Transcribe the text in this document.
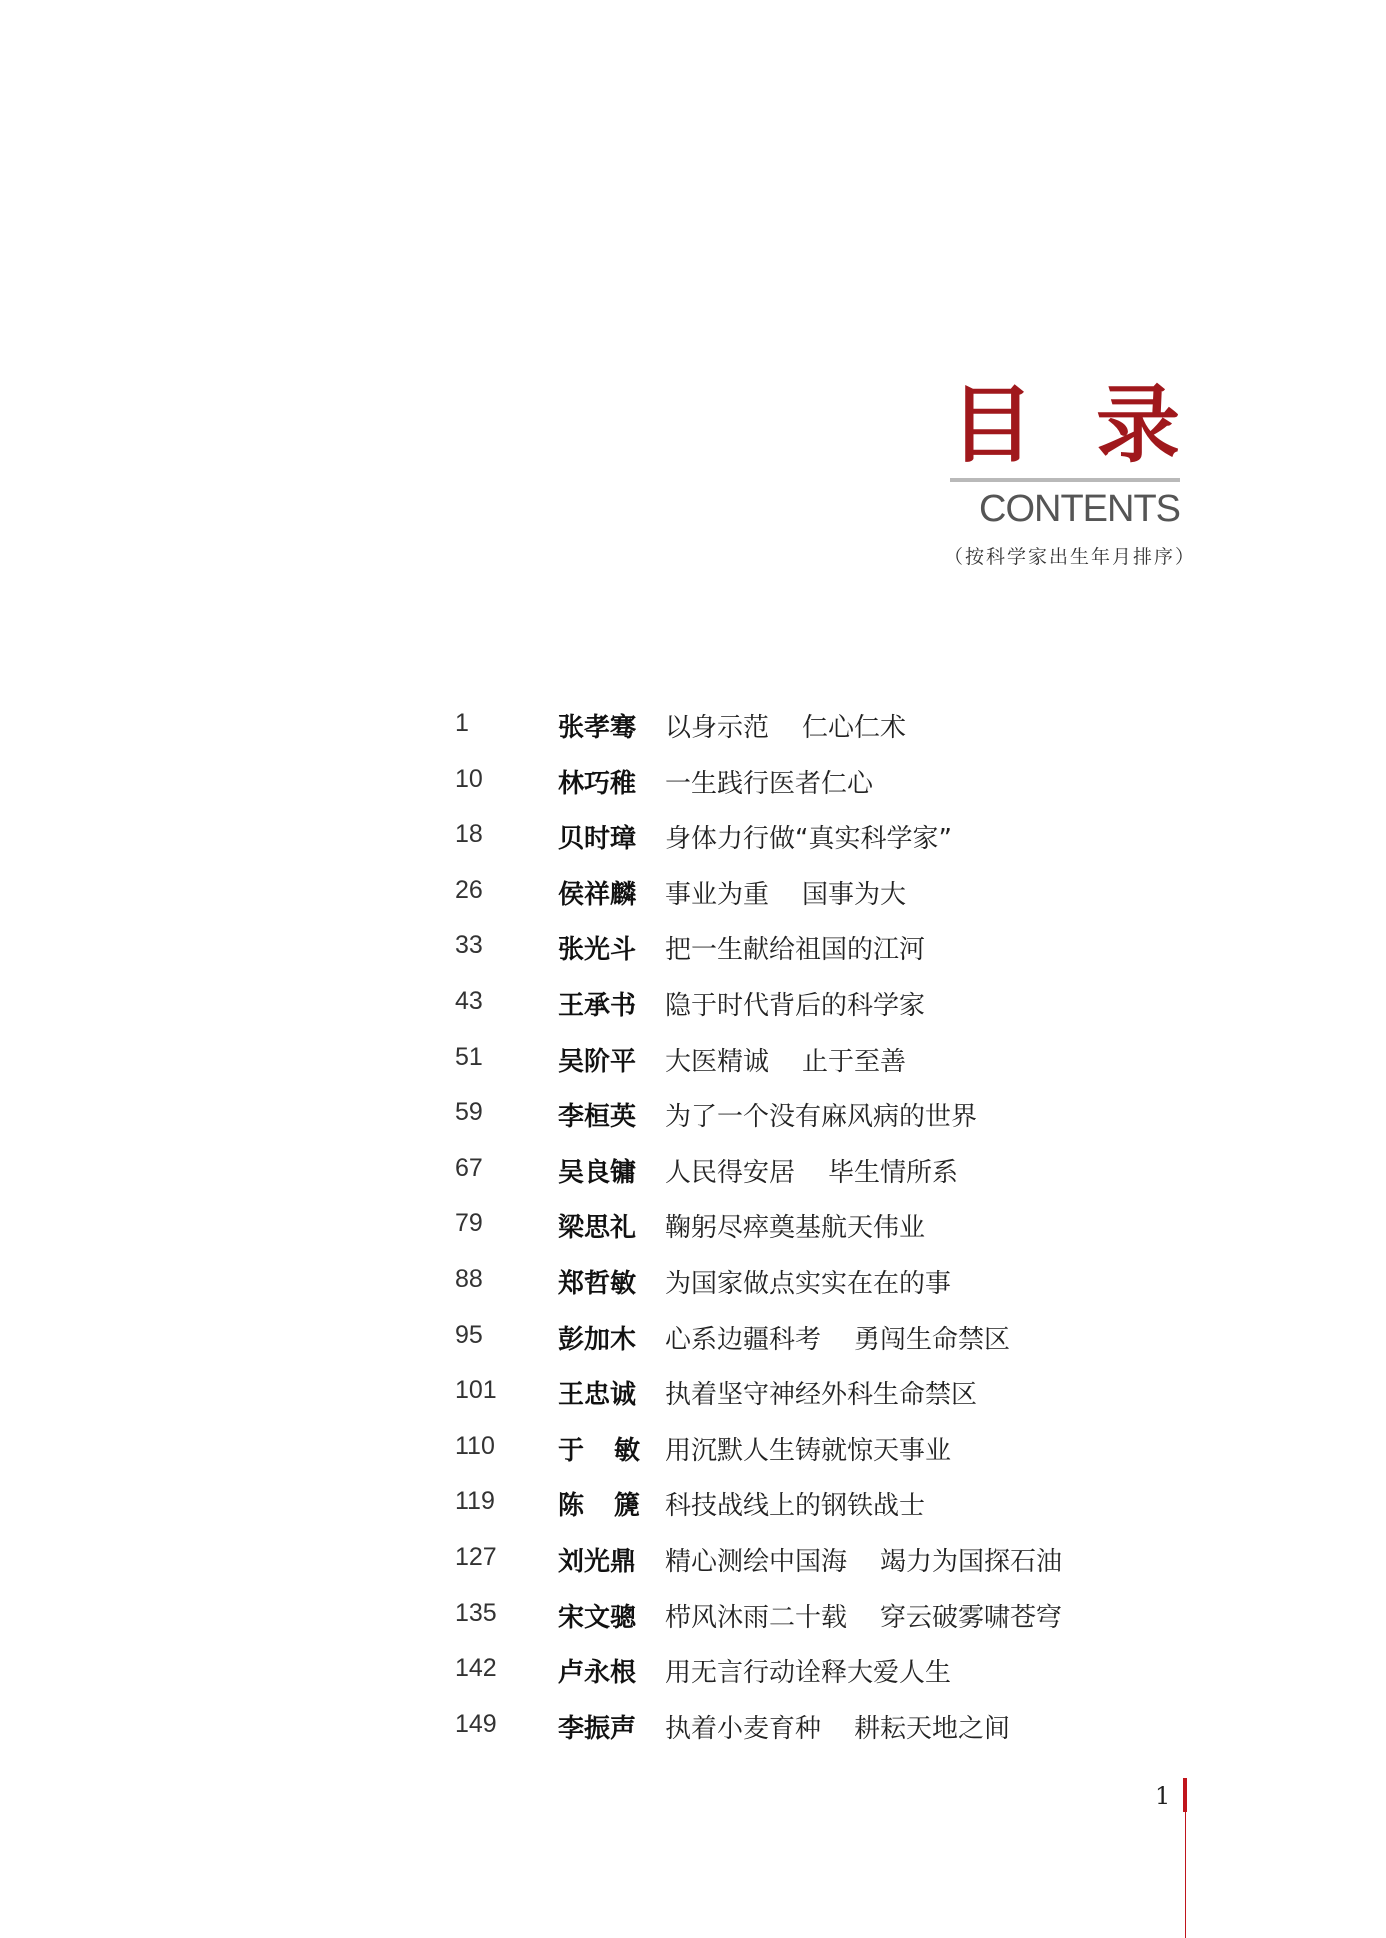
目 录
CONTENTS
（按科学家出生年月排序）
1	张孝骞 以身示范    仁心仁术
10	林巧稚 一生践行医者仁心
18	贝时璋 身体力行做“真实科学家”
26	侯祥麟 事业为重    国事为大
33	张光斗 把一生献给祖国的江河
43	王承书 隐于时代背后的科学家
51	吴阶平 大医精诚    止于至善
59	李桓英 为了一个没有麻风病的世界
67	吴良镛 人民得安居    毕生情所系
79	梁思礼 鞠躬尽瘁奠基航天伟业
88	郑哲敏 为国家做点实实在在的事
95	彭加木 心系边疆科考    勇闯生命禁区
101 王忠诚 执着坚守神经外科生命禁区
110 于 敏 用沉默人生铸就惊天事业
119 陈 篪 科技战线上的钢铁战士
127 刘光鼎 精心测绘中国海    竭力为国探石油
135 宋文骢 栉风沐雨二十载    穿云破雾啸苍穹
142 卢永根 用无言行动诠释大爱人生
149 李振声 执着小麦育种    耕耘天地之间
1
